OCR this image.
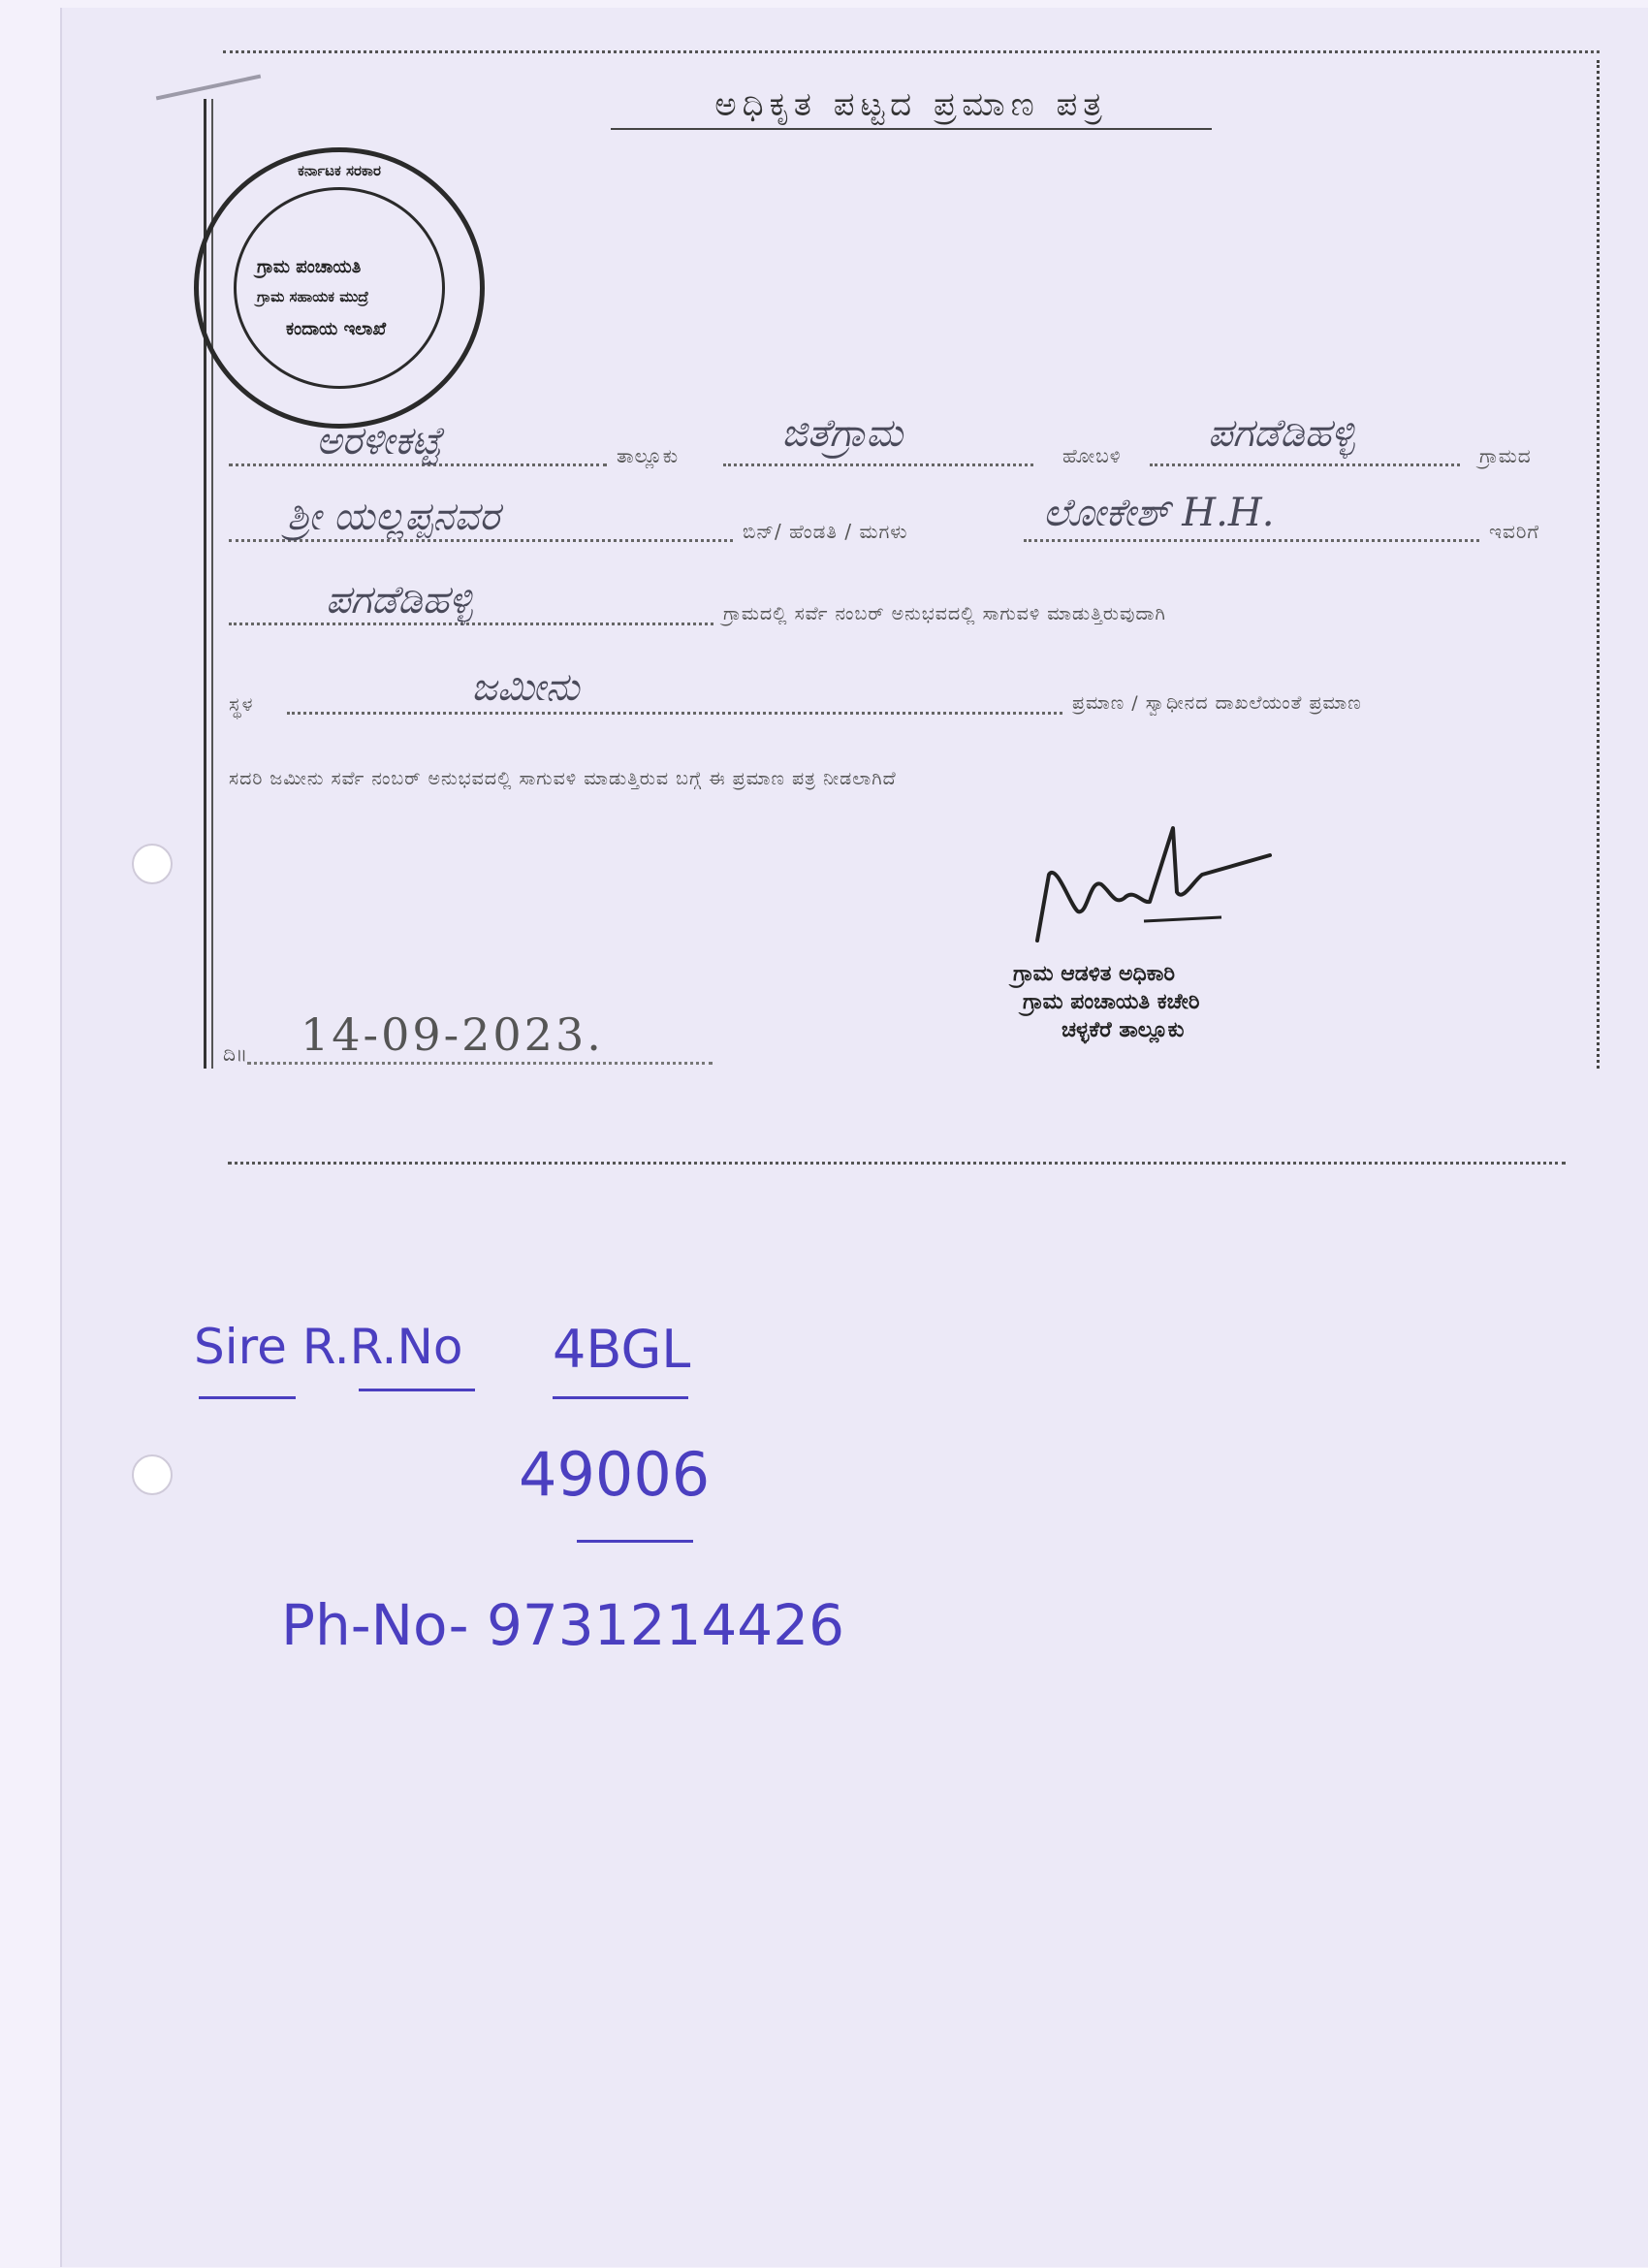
ಅಧಿಕೃತ ಪಟ್ಟದ ಪ್ರಮಾಣ ಪತ್ರ
ಕರ್ನಾಟಕ ಸರಕಾರ
ಗ್ರಾಮ ಪಂಚಾಯತಿ
ಗ್ರಾಮ ಸಹಾಯಕ ಮುದ್ರೆ
ಕಂದಾಯ ಇಲಾಖೆ
ಅರಳೀಕಟ್ಟೆ	ತಾಲ್ಲೂಕು	ಜಿತೆಗ್ರಾಮ	ಹೋಬಳಿ ಪಗಡೆಡಿಹಳ್ಳಿ	ಗ್ರಾಮದ
ಶ್ರೀ ಯಲ್ಲಪ್ಪನವರ	ಬಿನ್/ ಹೆಂಡತಿ / ಮಗಳು	ಲೋಕೇಶ್ H.H.	ಇವರಿಗೆ
ಪಗಡೆಡಿಹಳ್ಳಿ	ಗ್ರಾಮದಲ್ಲಿ ಸರ್ವೆ ನಂಬರ್ ಅನುಭವದಲ್ಲಿ ಸಾಗುವಳಿ ಮಾಡುತ್ತಿರುವುದಾಗಿ
ಸ್ಥಳ	ಜಮೀನು	ಪ್ರಮಾಣ / ಸ್ವಾಧೀನದ ದಾಖಲೆಯಂತೆ ಪ್ರಮಾಣ
ಸದರಿ ಜಮೀನು ಸರ್ವೆ ನಂಬರ್ ಅನುಭವದಲ್ಲಿ ಸಾಗುವಳಿ ಮಾಡುತ್ತಿರುವ ಬಗ್ಗೆ ಈ ಪ್ರಮಾಣ ಪತ್ರ ನೀಡಲಾಗಿದೆ
ಗ್ರಾಮ ಆಡಳಿತ ಅಧಿಕಾರಿ
ಗ್ರಾಮ ಪಂಚಾಯತಿ ಕಚೇರಿ
ಚಳ್ಳಕೆರೆ ತಾಲ್ಲೂಕು
ದಿ॥ 14-09-2023.
Sire R.R.No 4BGL
49006
Ph-No- 9731214426
